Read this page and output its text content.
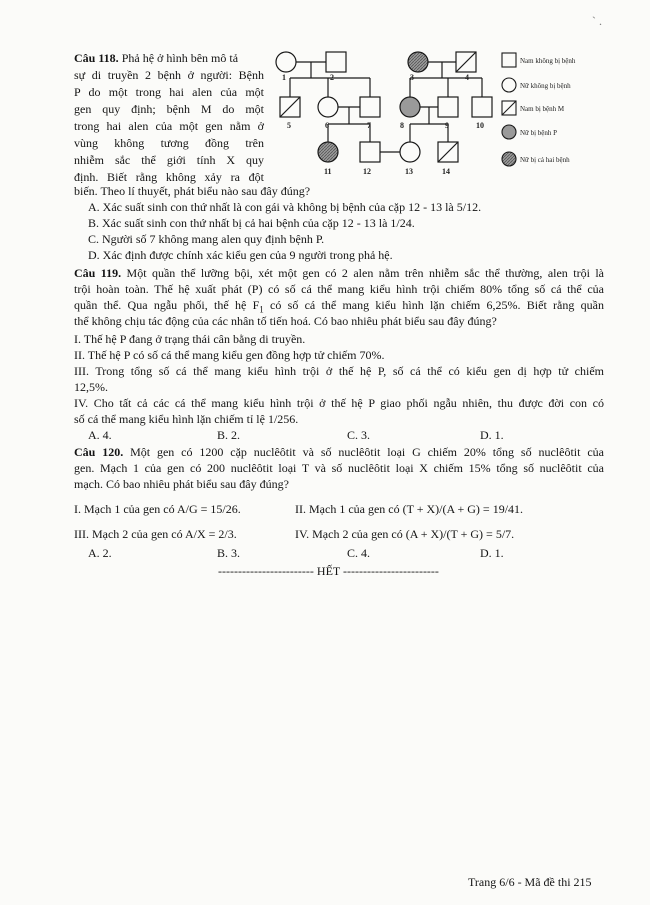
` .
Câu 118. Phả hệ ở hình bên mô tả
sự di truyền 2 bệnh ở người: Bệnh
P do một trong hai alen của một
gen quy định; bệnh M do một
trong hai alen của một gen nằm ở
vùng không tương đồng trên
nhiễm sắc thể giới tính X quy
định. Biết rằng không xảy ra đột
biến. Theo lí thuyết, phát biểu nào sau đây đúng?
A. Xác suất sinh con thứ nhất là con gái và không bị bệnh của cặp 12 - 13 là 5/12.
B. Xác suất sinh con thứ nhất bị cả hai bệnh của cặp 12 - 13 là 1/24.
C. Người số 7 không mang alen quy định bệnh P.
D. Xác định được chính xác kiểu gen của 9 người trong phả hệ.
1	2	3	4
5	6	7	8	9	10
11	12	13	14
Nam không bị bệnh
Nữ không bị bệnh
Nam bị bệnh M
Nữ bị bệnh P
Nữ bị cả hai bệnh
Câu 119. Một quần thể lưỡng bội, xét một gen có 2 alen nằm trên nhiễm sắc thể thường, alen trội là
trội hoàn toàn. Thế hệ xuất phát (P) có số cá thể mang kiểu hình trội chiếm 80% tổng số cá thể của
quần thể. Qua ngẫu phối, thế hệ $F_1$ có số cá thể mang kiểu hình lặn chiếm 6,25%. Biết rằng quần
thể không chịu tác động của các nhân tố tiến hoá. Có bao nhiêu phát biểu sau đây đúng?
I. Thế hệ P đang ở trạng thái cân bằng di truyền.
II. Thế hệ P có số cá thể mang kiểu gen đồng hợp tử chiếm 70%.
III. Trong tổng số cá thể mang kiểu hình trội ở thế hệ P, số cá thể có kiểu gen dị hợp tử chiếm
12,5%.
IV. Cho tất cả các cá thể mang kiểu hình trội ở thế hệ P giao phối ngẫu nhiên, thu được đời con có
số cá thể mang kiểu hình lặn chiếm tỉ lệ 1/256.
A. 4.	B. 2.	C. 3.	D. 1.
Câu 120. Một gen có 1200 cặp nuclêôtit và số nuclêôtit loại G chiếm 20% tổng số nuclêôtit của
gen. Mạch 1 của gen có 200 nuclêôtit loại T và số nuclêôtit loại X chiếm 15% tổng số nuclêôtit của
mạch. Có bao nhiêu phát biểu sau đây đúng?
I. Mạch 1 của gen có A/G = 15/26.	II. Mạch 1 của gen có (T + X)/(A + G) = 19/41.
III. Mạch 2 của gen có A/X = 2/3.	IV. Mạch 2 của gen có (A + X)/(T + G) = 5/7.
A. 2.	B. 3.	C. 4.	D. 1.
------------------------ HẾT ------------------------
Trang 6/6 - Mã đề thi 215
